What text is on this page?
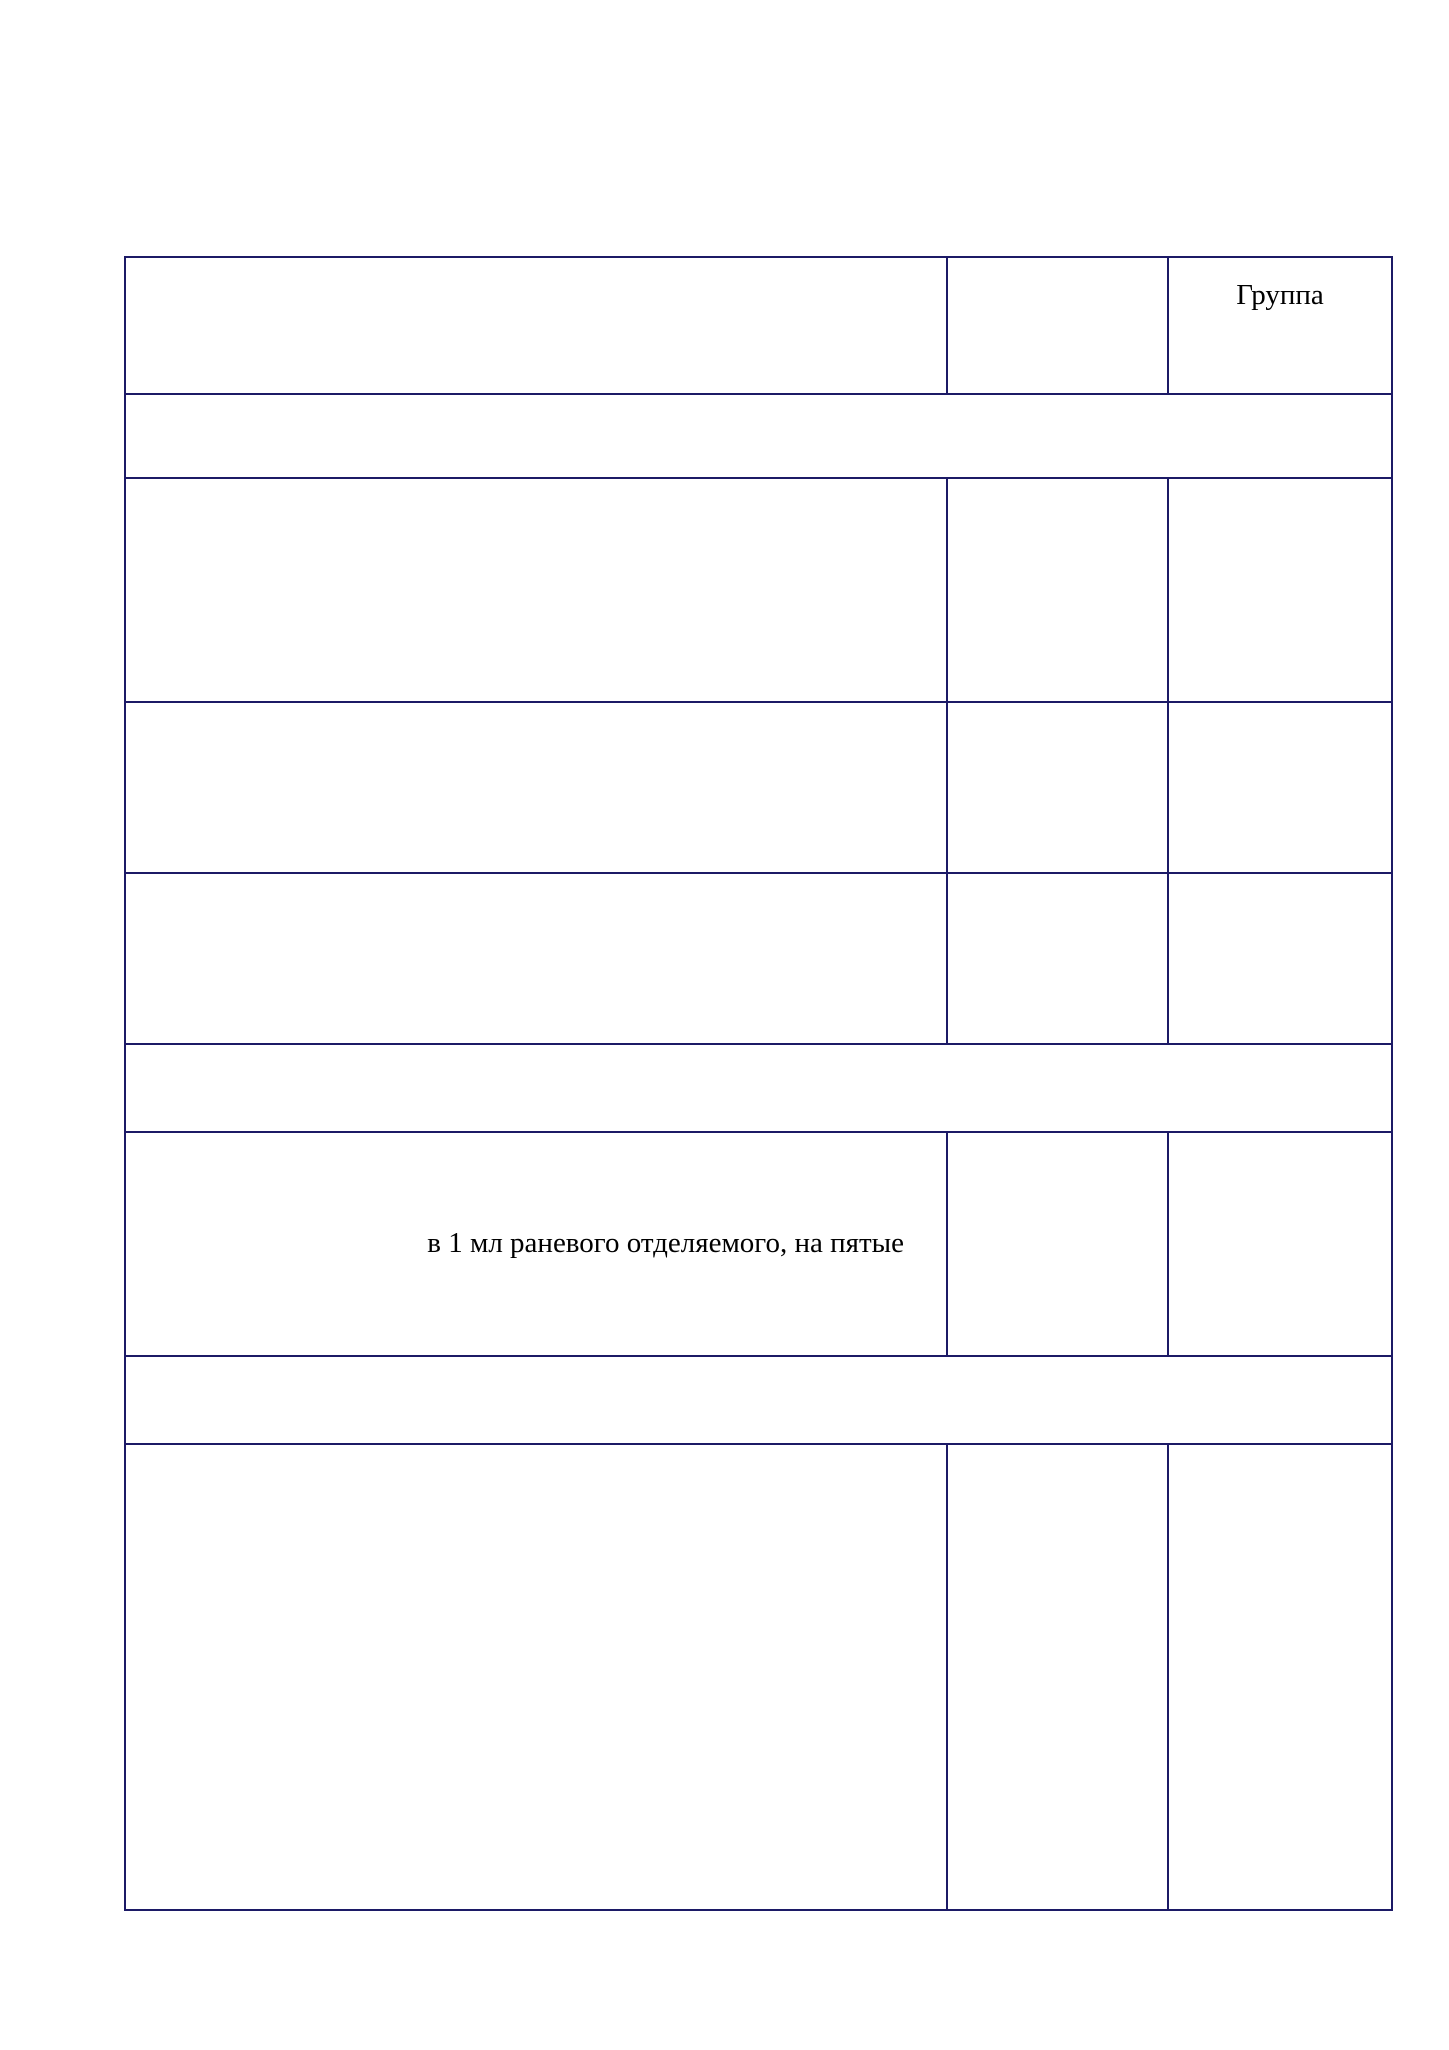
		Группа

в 1 мл раневого отделяемого, на пятые		
